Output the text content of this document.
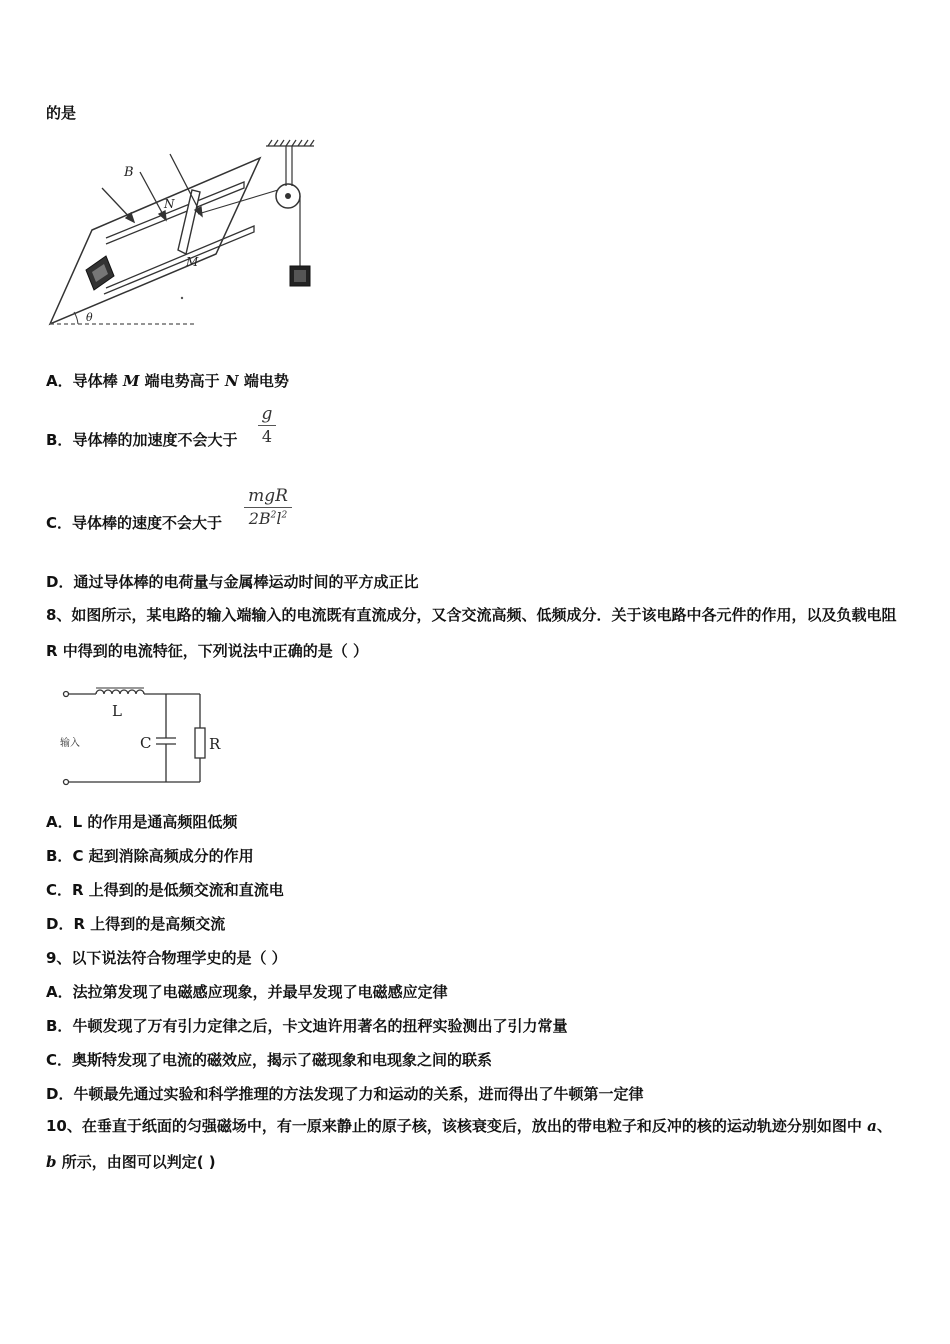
的是
θ
N
M
B
A．导体棒 M 端电势高于 N 端电势
B．导体棒的加速度不会大于
g
4
C．导体棒的速度不会大于
mgR
$2B^2l^2$
D．通过导体棒的电荷量与金属棒运动时间的平方成正比
8、如图所示，某电路的输入端输入的电流既有直流成分，又含交流高频、低频成分．关于该电路中各元件的作用，以及负载电阻 R 中得到的电流特征，下列说法中正确的是（ ）
L
C	R
输入
A．L 的作用是通高频阻低频
B．C 起到消除高频成分的作用
C．R 上得到的是低频交流和直流电
D．R 上得到的是高频交流
9、以下说法符合物理学史的是（ ）
A．法拉第发现了电磁感应现象，并最早发现了电磁感应定律
B．牛顿发现了万有引力定律之后，卡文迪许用著名的扭秤实验测出了引力常量
C．奥斯特发现了电流的磁效应，揭示了磁现象和电现象之间的联系
D．牛顿最先通过实验和科学推理的方法发现了力和运动的关系，进而得出了牛顿第一定律
10、在垂直于纸面的匀强磁场中，有一原来静止的原子核，该核衰变后，放出的带电粒子和反冲的核的运动轨迹分别如图中 a、 b 所示，由图可以判定( )
